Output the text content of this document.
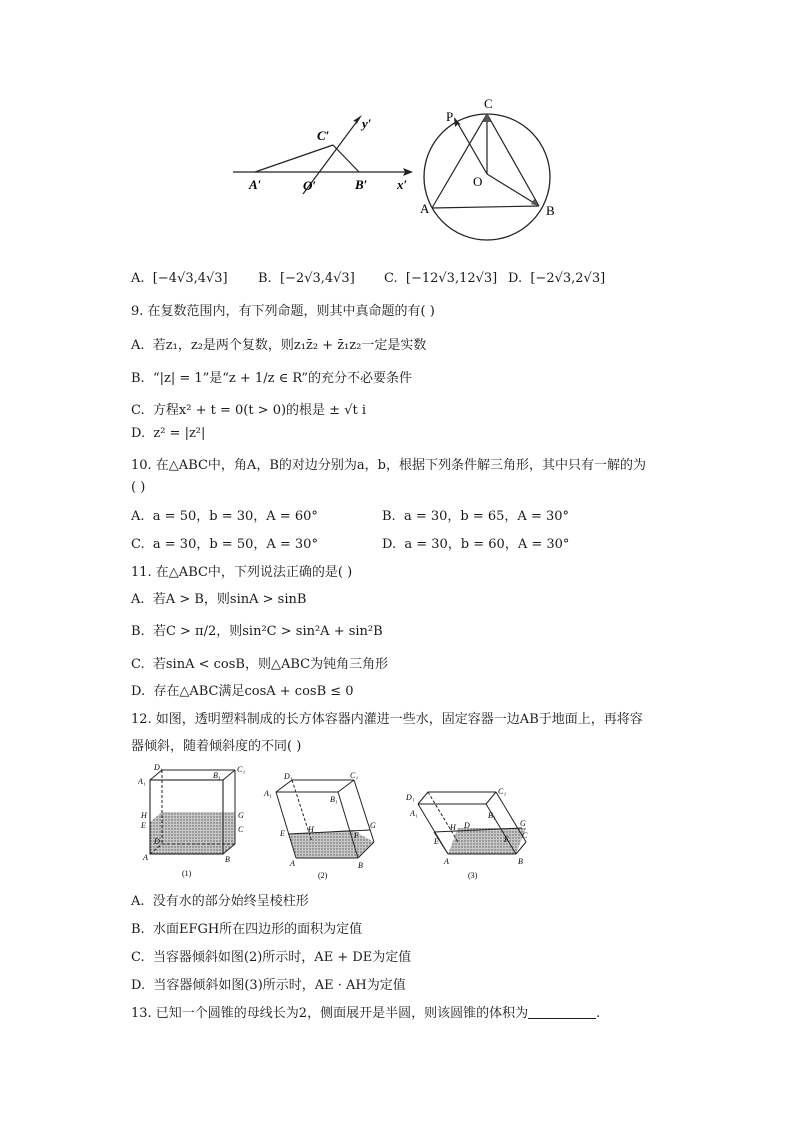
C′
y′
A′	O′	B′ x′
P
C
O
A	B
A. [−4√3,4√3] B. [−2√3,4√3] C. [−12√3,12√3] D. [−2√3,2√3]
9. 在复数范围内，有下列命题，则其中真命题的有( )
A. 若z₁，z₂是两个复数，则z₁z̄₂ + z̄₁z₂一定是实数
B. “|z| = 1”是“z + 1/z ∈ R”的充分不必要条件
C. 方程x² + t = 0(t > 0)的根是 ± √t i
D. z² = |z²|
10. 在△ABC中，角A，B的对边分别为a，b，根据下列条件解三角形，其中只有一解的为
( )
A. a = 50，b = 30，A = 60°	B. a = 30，b = 65，A = 30°
C. a = 30，b = 50，A = 30°	D. a = 30，b = 60，A = 30°
11. 在△ABC中，下列说法正确的是( )
A. 若A > B，则sinA > sinB
B. 若C > π/2，则sin²C > sin²A + sin²B
C. 若sinA < cosB，则△ABC为钝角三角形
D. 存在△ABC满足cosA + cosB ≤ 0
12. 如图，透明塑料制成的长方体容器内灌进一些水，固定容器一边AB于地面上，再将容
器倾斜，随着倾斜度的不同( )
A₁
D₁
B₁
C₁
H
E
G
C
D
A	B
(1)
A₁
D₁	C₁
B₁
H
E
G
F
A	B
(2)
D₁
A₁
C₁
B₁
H D	G
C
E	F
A	B
(3)
A. 没有水的部分始终呈棱柱形
B. 水面EFGH所在四边形的面积为定值
C. 当容器倾斜如图(2)所示时，AE + DE为定值
D. 当容器倾斜如图(3)所示时，AE · AH为定值
13. 已知一个圆锥的母线长为2，侧面展开是半圆，则该圆锥的体积为	.
